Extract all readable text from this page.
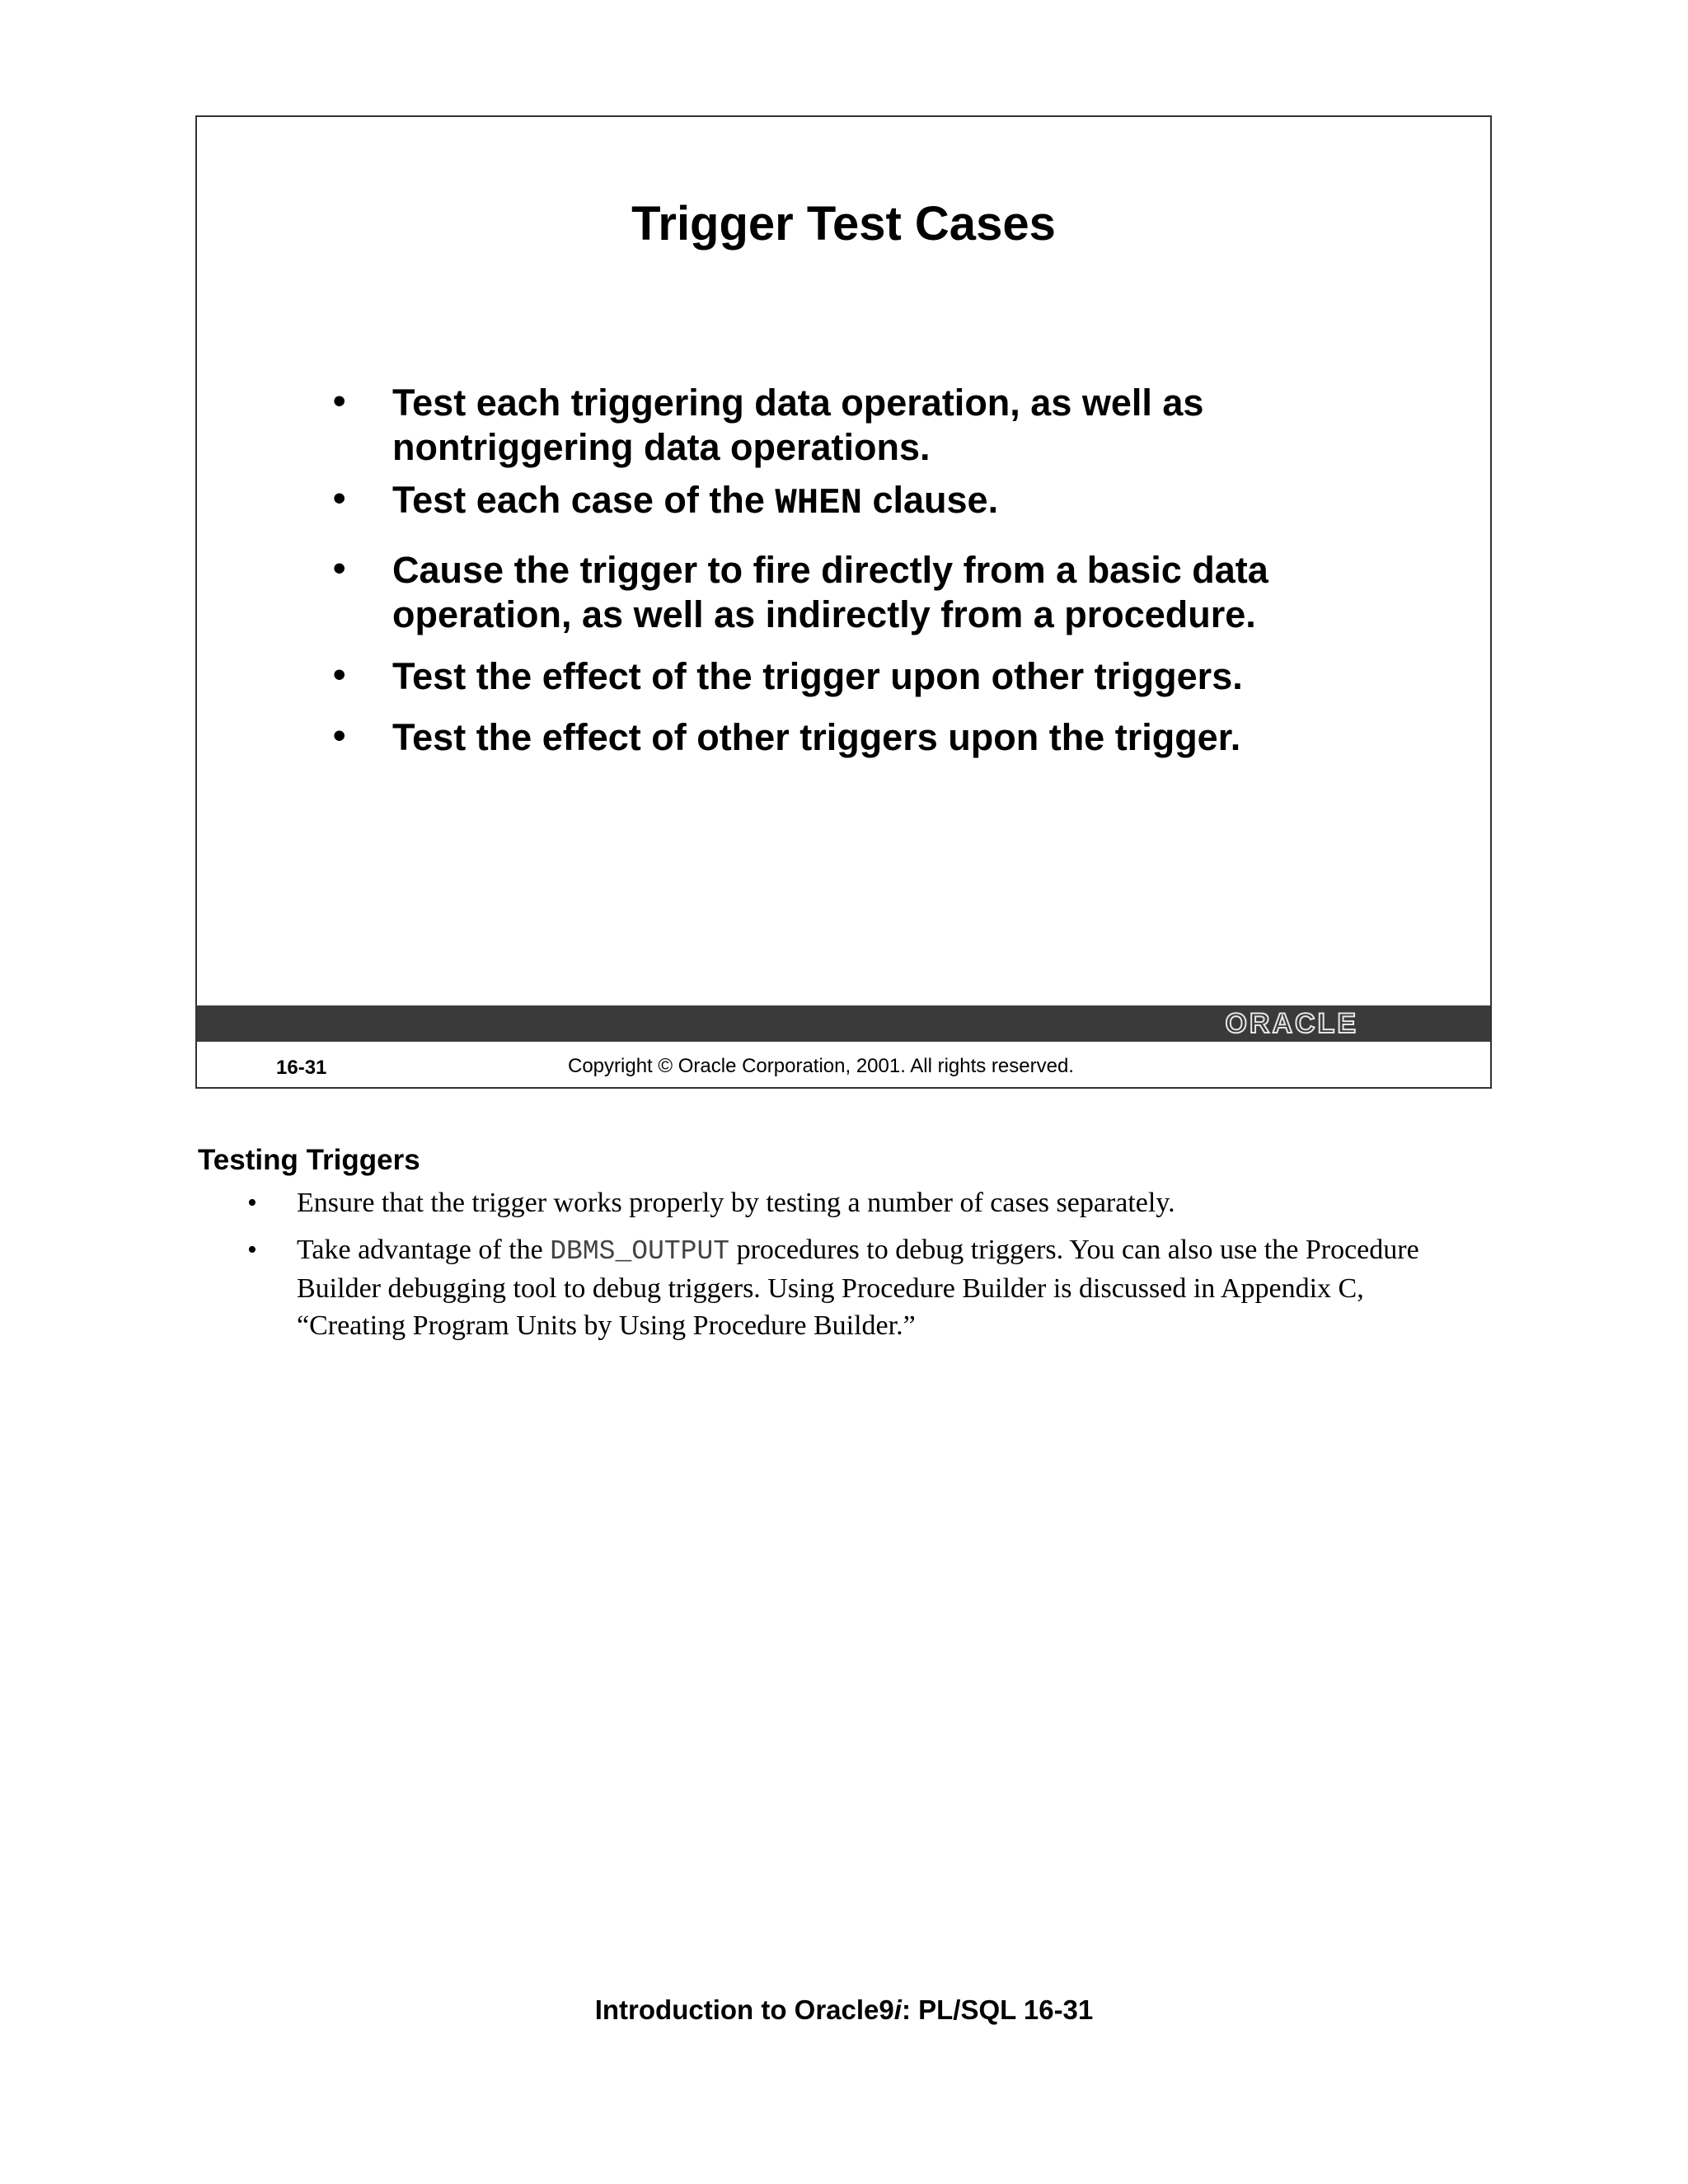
Trigger Test Cases
• Test each triggering data operation, as well as nontriggering data operations.
• Test each case of the WHEN clause.
• Cause the trigger to fire directly from a basic data operation, as well as indirectly from a procedure.
• Test the effect of the trigger upon other triggers.
• Test the effect of other triggers upon the trigger.
ORACLE
16-31	Copyright © Oracle Corporation, 2001. All rights reserved.
Testing Triggers
• Ensure that the trigger works properly by testing a number of cases separately.
• Take advantage of the DBMS_OUTPUT procedures to debug triggers. You can also use the Procedure Builder debugging tool to debug triggers. Using Procedure Builder is discussed in Appendix C, “Creating Program Units by Using Procedure Builder.”
Introduction to Oracle9i: PL/SQL 16-31
